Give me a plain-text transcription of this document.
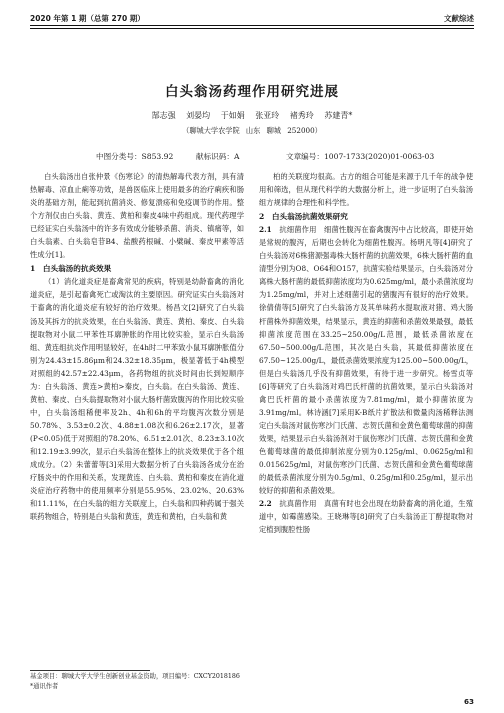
2020 年第 1 期（总第 270 期）	文献综述
白头翁汤药理作用研究进展
郜志强 刘晏均 于如娟 张亚玲 褚秀玲 苏建青*
（聊城大学农学院 山东 聊城 252000）
中图分类号：S853.92	献标识码：A	文章编号：1007-1733(2020)01-0063-03

白头翁汤出自张仲景《伤寒论》的清热解毒代表方剂，具有清热解毒、凉血止痢等功效，是兽医临床上使用最多的治疗痢疾和肠炎的基础方剂，能起到抗菌消炎、修复溃疡和免疫调节的作用。整个方剂仅由白头翁、黄连、黄柏和秦皮4味中药组成。现代药理学已经证实白头翁汤中的许多有效成分能够杀菌、消炎、镇痛等，如白头翁素、白头翁皂苷B4、盐酸药根碱、小檗碱、秦皮甲素等活性成分[1]。

1　白头翁汤的抗炎效果

（1）消化道炎症是畜禽常见的疾病，特别是幼龄畜禽的消化道炎症，是引起畜禽死亡或淘汰的主要原因。研究证实白头翁汤对于畜禽的消化道炎症有较好的治疗效果。杨昌文[2]研究了白头翁汤及其拆方的抗炎效果，在白头翁汤、黄连、黄柏、秦皮、白头翁提取物对小鼠二甲苯性耳廓肿胀的作用比较实验，显示白头翁汤组、黄连组抗炎作用明显较好，在4h时二甲苯致小鼠耳廓肿胀值分别为24.43±15.86μm和24.32±18.35μm，极显著低于4h模型对照组的42.57±22.43μm，各药物组的抗炎时间由长到短顺序为：白头翁汤、黄连>黄柏>秦皮，白头翁。在白头翁汤、黄连、黄柏、秦皮、白头翁提取物对小鼠大肠杆菌致腹泻的作用比较实验中，白头翁汤组稀便率及2h、4h和6h的平均腹泻次数分别是50.78%、3.53±0.2次、4.88±1.08次和6.26±2.17次，显著(P<0.05)低于对照组的78.20%、6.51±2.01次、8.23±3.10次和12.19±3.99次，显示白头翁汤在整体上的抗炎效果优于各个组成成分。（2）朱蕾蕾等[3]采用大数据分析了白头翁汤各成分在治疗肠炎中的作用和关系，发现黄连、白头翁、黄柏和秦皮在消化道炎症治疗药物中的使用频率分别是55.95%、23.02%、20.63%和11.11%，在白头翁的组方关联度上，白头翁和四种药属于强关联药物组合，特别是白头翁和黄连，黄连和黄柏，白头翁和黄

柏的关联度均很高。古方的组合可能是来源于几千年的战争使用和筛选，但从现代科学的大数据分析上，进一步证明了白头翁汤组方规律的合理性和科学性。

2　白头翁汤抗菌效果研究
2.1　抗细菌作用　细菌性腹泻在畜禽腹泻中占比较高，即使开始是常规的腹泻，后期也会转化为细菌性腹泻。杨明凡等[4]研究了白头翁汤对6株猪源强毒株大肠杆菌的抗菌效果，6株大肠杆菌的血清型分别为O8、O64和O157，抗菌实验结果显示，白头翁汤对分离株大肠杆菌的最低抑菌浓度均为0.625mg/ml，最小杀菌浓度均为1.25mg/ml，并对上述细菌引起的猪腹泻有很好的治疗效果。徐倩倩等[5]研究了白头翁汤方及其单味药水提取液对猪、鸡大肠杆菌株外抑菌效果，结果显示，黄连的抑菌和杀菌效果最强，最低抑菌浓度范围在33.25~250.00g/L范围，最低杀菌浓度在67.50~500.00g/L范围，其次是白头翁，其最低抑菌浓度在67.50~125.00g/L，最低杀菌效果浓度为125.00~500.00g/L，但是白头翁汤几乎没有抑菌效果，有待于进一步研究。杨雪贞等[6]等研究了白头翁汤对鸡巴氏杆菌的抗菌效果，显示白头翁汤对禽巴氏杆菌的最小杀菌浓度为7.81mg/ml，最小抑菌浓度为3.91mg/ml。林诗涵[7]采用K-B纸片扩散法和微量肉汤稀释法测定白头翁汤对鼠伤寒沙门氏菌、志贺氏菌和金黄色葡萄球菌的抑菌效果，结果显示白头翁汤剂对于鼠伤寒沙门氏菌、志贺氏菌和金黄色葡萄球菌的最低抑制浓度分别为0.125g/ml、0.0625g/ml和0.015625g/ml，对鼠伤寒沙门氏菌、志贺氏菌和金黄色葡萄球菌的最低杀菌浓度分别为0.5g/ml、0.25g/ml和0.25g/ml，显示出较好的抑菌和杀菌效果。
2.2　抗真菌作用　真菌有时也会出现在幼龄畜禽的消化道，生殖道中，如霉菌感染。王晓琳等[8]研究了白头翁汤正丁醇提取物对定植到腹腔性肠
基金项目：聊城大学大学生创新创业基金资助，项目编号：CXCY2018186
*通讯作者
63
